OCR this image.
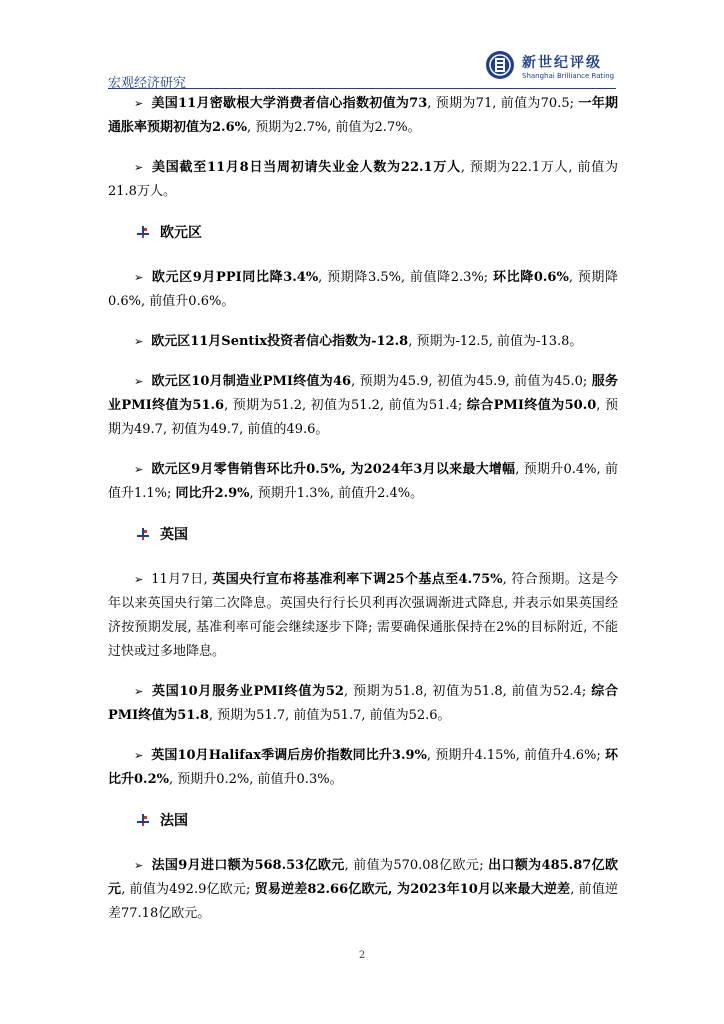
新世纪评级
Shanghai Brilliance Rating
宏观经济研究

➢ 美国11月密歇根大学消费者信心指数初值为73, 预期为71, 前值为70.5; 一年期通胀率预期初值为2.6%, 预期为2.7%, 前值为2.7%。

➢ 美国截至11月8日当周初请失业金人数为22.1万人, 预期为22.1万人, 前值为21.8万人。

欧元区

➢ 欧元区9月PPI同比降3.4%, 预期降3.5%, 前值降2.3%; 环比降0.6%, 预期降0.6%, 前值升0.6%。

➢ 欧元区11月Sentix投资者信心指数为-12.8, 预期为-12.5, 前值为-13.8。

➢ 欧元区10月制造业PMI终值为46, 预期为45.9, 初值为45.9, 前值为45.0; 服务业PMI终值为51.6, 预期为51.2, 初值为51.2, 前值为51.4; 综合PMI终值为50.0, 预期为49.7, 初值为49.7, 前值的49.6。

➢ 欧元区9月零售销售环比升0.5%, 为2024年3月以来最大增幅, 预期升0.4%, 前值升1.1%; 同比升2.9%, 预期升1.3%, 前值升2.4%。

英国

➢ 11月7日, 英国央行宣布将基准利率下调25个基点至4.75%, 符合预期。这是今年以来英国央行第二次降息。英国央行行长贝利再次强调渐进式降息, 并表示如果英国经济按预期发展, 基准利率可能会继续逐步下降; 需要确保通胀保持在2%的目标附近, 不能过快或过多地降息。

➢ 英国10月服务业PMI终值为52, 预期为51.8, 初值为51.8, 前值为52.4; 综合PMI终值为51.8, 预期为51.7, 前值为51.7, 前值为52.6。

➢ 英国10月Halifax季调后房价指数同比升3.9%, 预期升4.15%, 前值升4.6%; 环比升0.2%, 预期升0.2%, 前值升0.3%。

法国

➢ 法国9月进口额为568.53亿欧元, 前值为570.08亿欧元; 出口额为485.87亿欧元, 前值为492.9亿欧元; 贸易逆差82.66亿欧元, 为2023年10月以来最大逆差, 前值逆差77.18亿欧元。

2
